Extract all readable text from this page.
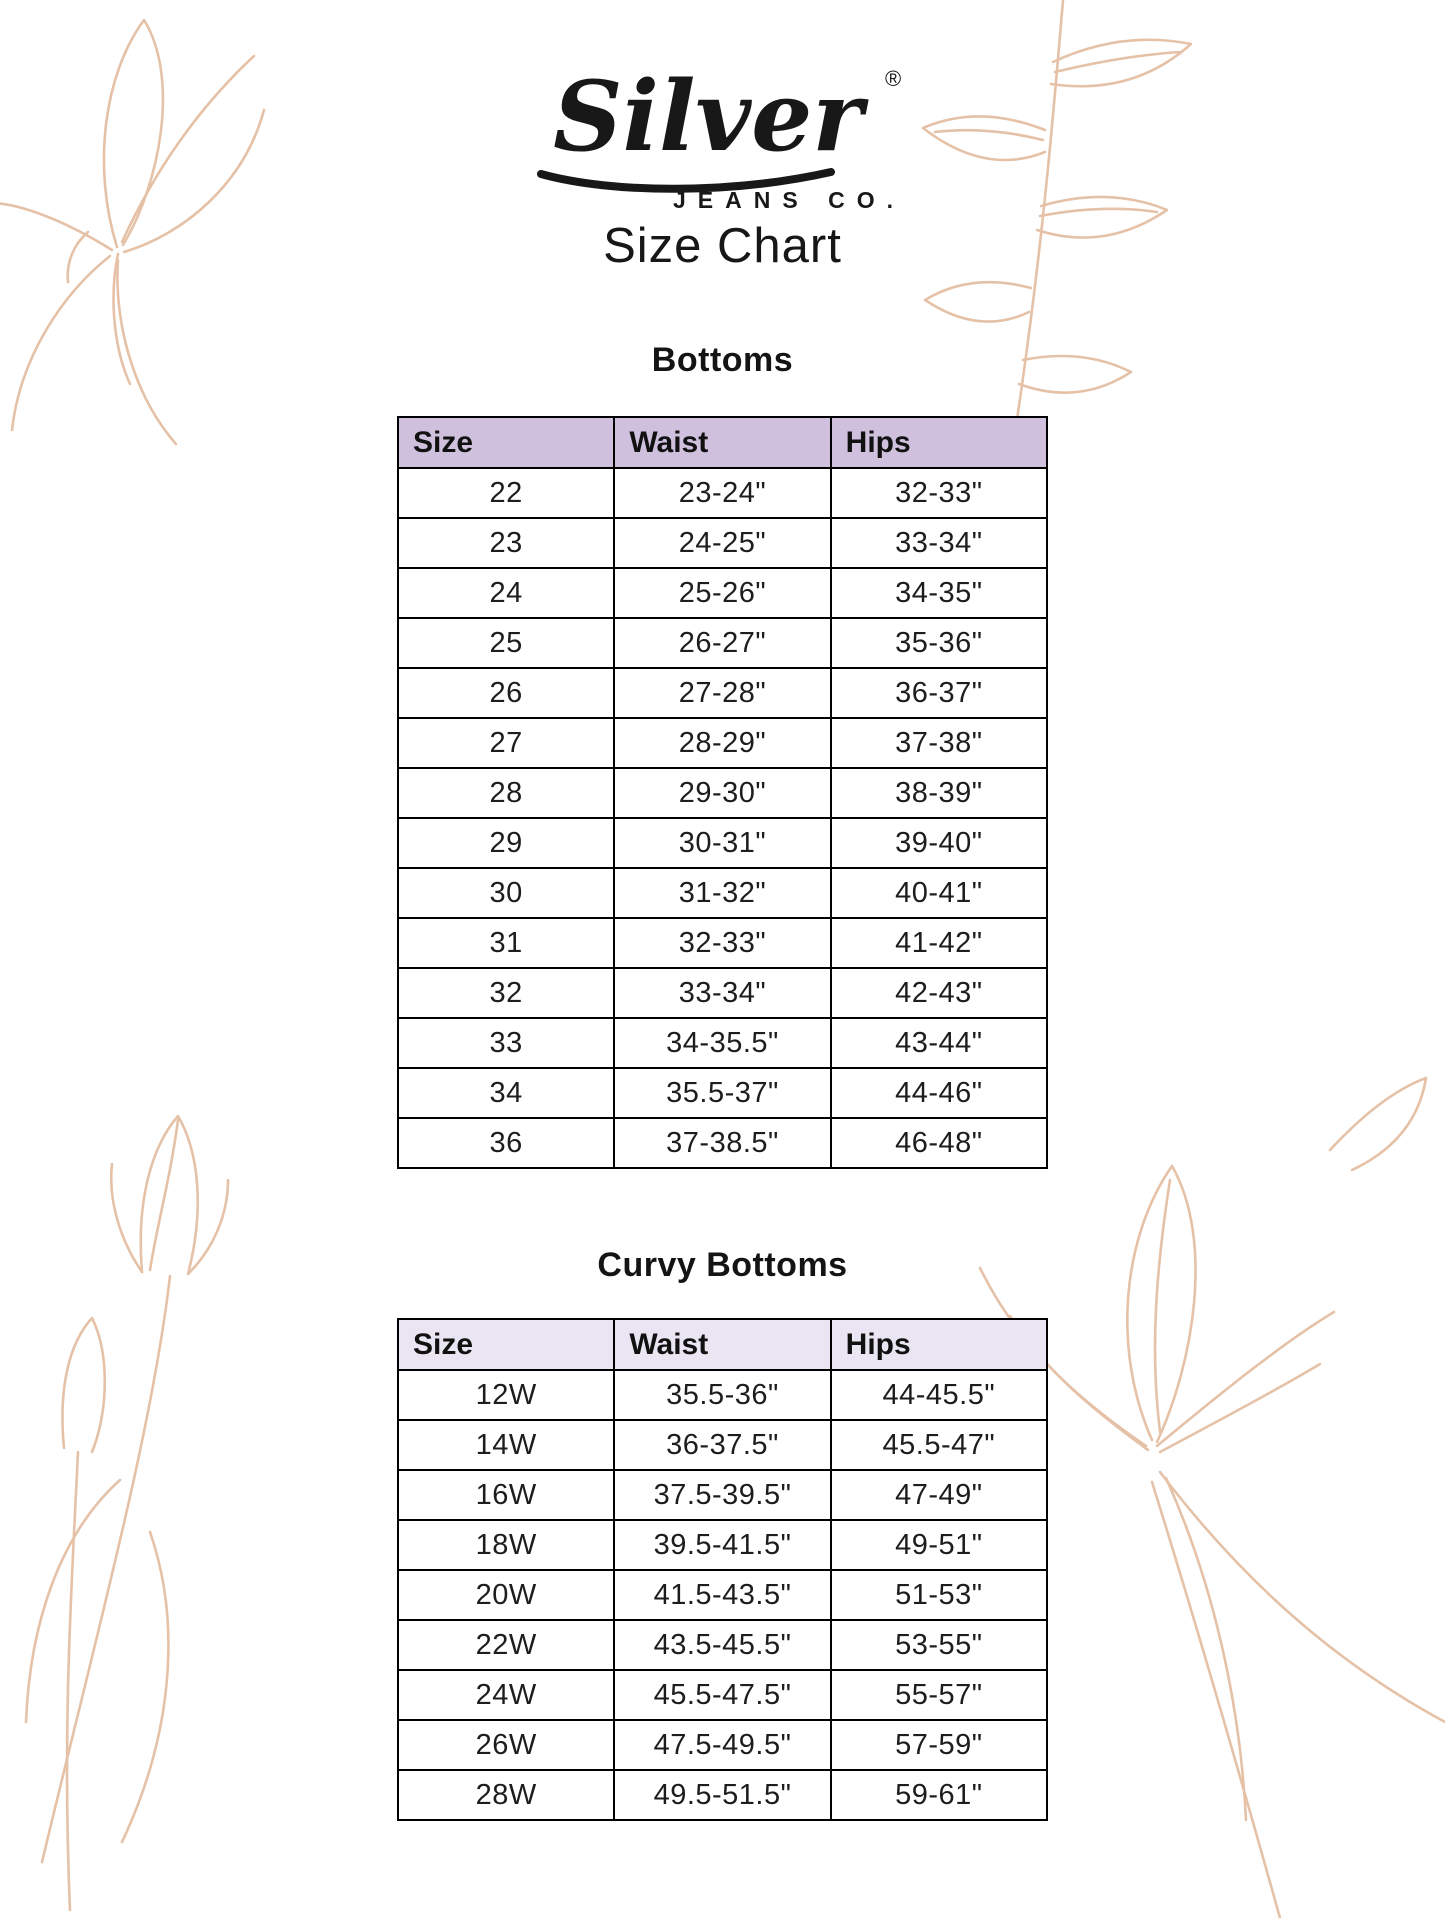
Silver ®
JEANS CO.
Size Chart
Bottoms
Size	Waist	Hips
22	23-24"	32-33"
23	24-25"	33-34"
24	25-26"	34-35"
25	26-27"	35-36"
26	27-28"	36-37"
27	28-29"	37-38"
28	29-30"	38-39"
29	30-31"	39-40"
30	31-32"	40-41"
31	32-33"	41-42"
32	33-34"	42-43"
33	34-35.5"	43-44"
34	35.5-37"	44-46"
36	37-38.5"	46-48"
Curvy Bottoms
Size	Waist	Hips
12W	35.5-36"	44-45.5"
14W	36-37.5"	45.5-47"
16W	37.5-39.5"	47-49"
18W	39.5-41.5"	49-51"
20W	41.5-43.5"	51-53"
22W	43.5-45.5"	53-55"
24W	45.5-47.5"	55-57"
26W	47.5-49.5"	57-59"
28W	49.5-51.5"	59-61"
